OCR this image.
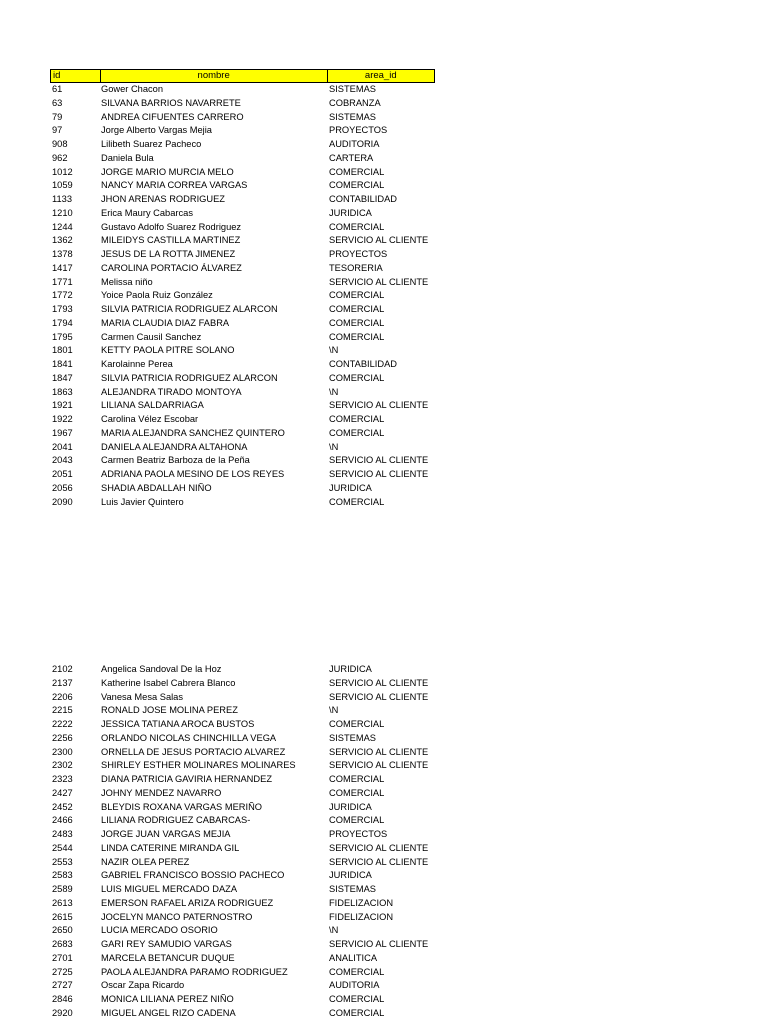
id	nombre	area_id
61	Gower Chacon	SISTEMAS
63	SILVANA BARRIOS NAVARRETE	COBRANZA
79	ANDREA CIFUENTES CARRERO	SISTEMAS
97	Jorge Alberto Vargas Mejia	PROYECTOS
908	Lilibeth Suarez Pacheco	AUDITORIA
962	Daniela Bula	CARTERA
1012	JORGE MARIO MURCIA MELO	COMERCIAL
1059	NANCY MARIA CORREA VARGAS	COMERCIAL
1133	JHON ARENAS RODRIGUEZ	CONTABILIDAD
1210	Erica Maury Cabarcas	JURIDICA
1244	Gustavo Adolfo Suarez Rodriguez	COMERCIAL
1362	MILEIDYS CASTILLA MARTINEZ	SERVICIO AL CLIENTE
1378	JESUS DE LA ROTTA JIMENEZ	PROYECTOS
1417	CAROLINA PORTACIO ÁLVAREZ	TESORERIA
1771	Melissa niño	SERVICIO AL CLIENTE
1772	Yoice Paola Ruiz González	COMERCIAL
1793	SILVIA PATRICIA RODRIGUEZ ALARCON	COMERCIAL
1794	MARIA CLAUDIA DIAZ FABRA	COMERCIAL
1795	Carmen Causil Sanchez	COMERCIAL
1801	KETTY PAOLA PITRE SOLANO	\N
1841	Karolainne Perea	CONTABILIDAD
1847	SILVIA PATRICIA RODRIGUEZ ALARCON	COMERCIAL
1863	ALEJANDRA TIRADO MONTOYA	\N
1921	LILIANA SALDARRIAGA	SERVICIO AL CLIENTE
1922	Carolina Vélez Escobar	COMERCIAL
1967	MARIA ALEJANDRA SANCHEZ QUINTERO	COMERCIAL
2041	DANIELA ALEJANDRA ALTAHONA	\N
2043	Carmen Beatriz Barboza de la Peña	SERVICIO AL CLIENTE
2051	ADRIANA PAOLA MESINO DE LOS REYES	SERVICIO AL CLIENTE
2056	SHADIA ABDALLAH NIÑO	JURIDICA
2090	Luis Javier Quintero	COMERCIAL
2102	Angelica Sandoval De la Hoz	JURIDICA
2137	Katherine Isabel Cabrera Blanco	SERVICIO AL CLIENTE
2206	Vanesa Mesa Salas	SERVICIO AL CLIENTE
2215	RONALD JOSE MOLINA PEREZ	\N
2222	JESSICA TATIANA AROCA BUSTOS	COMERCIAL
2256	ORLANDO NICOLAS CHINCHILLA VEGA	SISTEMAS
2300	ORNELLA DE JESUS PORTACIO ALVAREZ	SERVICIO AL CLIENTE
2302	SHIRLEY ESTHER MOLINARES MOLINARES	SERVICIO AL CLIENTE
2323	DIANA PATRICIA GAVIRIA HERNANDEZ	COMERCIAL
2427	JOHNY MENDEZ NAVARRO	COMERCIAL
2452	BLEYDIS ROXANA VARGAS MERIÑO	JURIDICA
2466	LILIANA RODRIGUEZ CABARCAS-	COMERCIAL
2483	JORGE JUAN VARGAS MEJIA	PROYECTOS
2544	LINDA CATERINE MIRANDA GIL	SERVICIO AL CLIENTE
2553	NAZIR OLEA PEREZ	SERVICIO AL CLIENTE
2583	GABRIEL FRANCISCO BOSSIO PACHECO	JURIDICA
2589	LUIS MIGUEL MERCADO DAZA	SISTEMAS
2613	EMERSON RAFAEL ARIZA RODRIGUEZ	FIDELIZACION
2615	JOCELYN MANCO PATERNOSTRO	FIDELIZACION
2650	LUCIA MERCADO OSORIO	\N
2683	GARI REY SAMUDIO VARGAS	SERVICIO AL CLIENTE
2701	MARCELA BETANCUR DUQUE	ANALITICA
2725	PAOLA ALEJANDRA PARAMO RODRIGUEZ	COMERCIAL
2727	Oscar Zapa Ricardo	AUDITORIA
2846	MONICA LILIANA PEREZ NIÑO	COMERCIAL
2920	MIGUEL ANGEL RIZO CADENA	COMERCIAL
